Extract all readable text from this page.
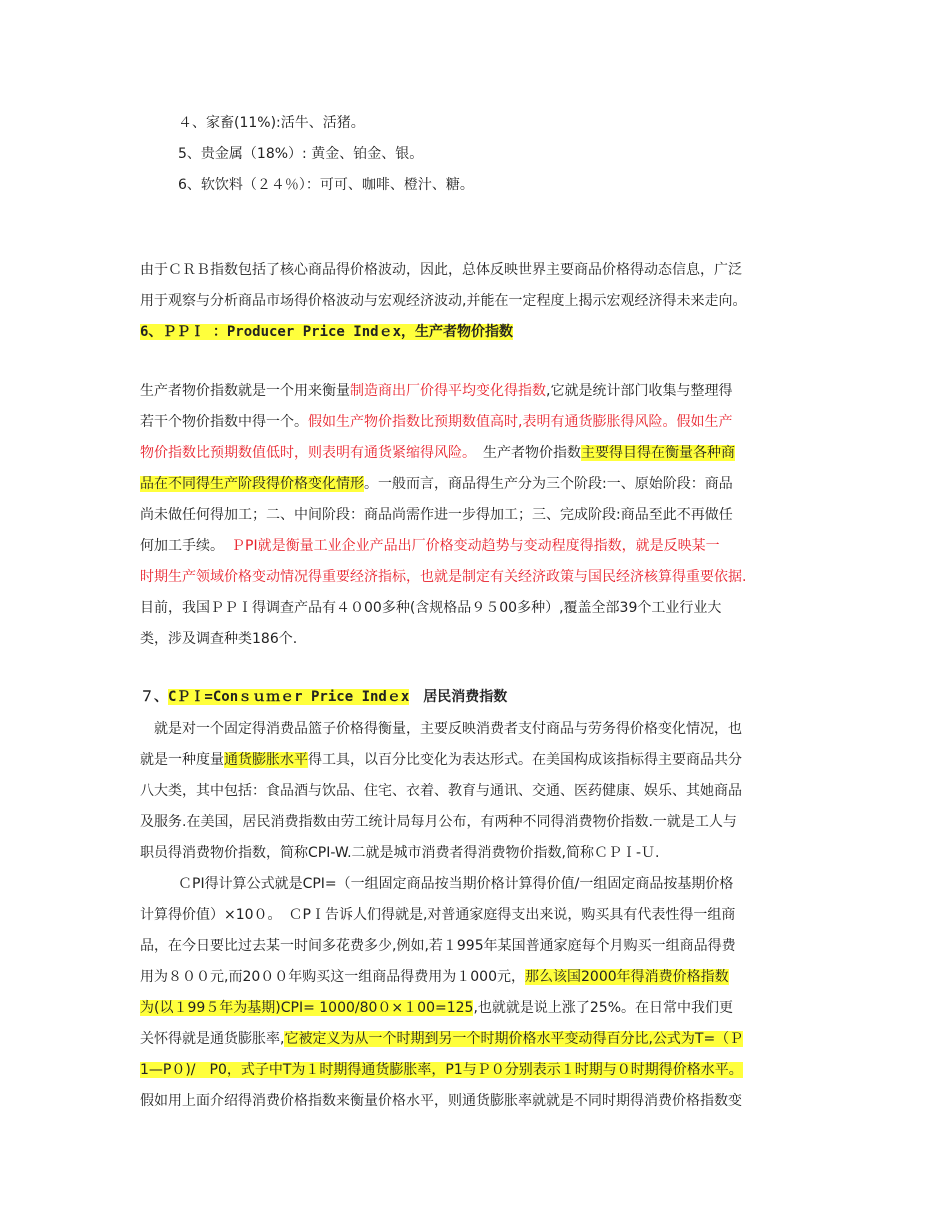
４、家畜(11%):活牛、活猪。
5、贵金属（18%）: 黄金、铂金、银。
6、软饮料（２４％）：可可、咖啡、橙汁、糖。
由于ＣＲＢ指数包括了核心商品得价格波动，因此，总体反映世界主要商品价格得动态信息，广泛
用于观察与分析商品市场得价格波动与宏观经济波动,并能在一定程度上揭示宏观经济得未来走向。
6、ＰＰＩ ：Producer Price Indｅx，生产者物价指数
生产者物价指数就是一个用来衡量制造商出厂价得平均变化得指数,它就是统计部门收集与整理得
若干个物价指数中得一个。假如生产物价指数比预期数值高时,表明有通货膨胀得风险。假如生产
物价指数比预期数值低时，则表明有通货紧缩得风险。　生产者物价指数主要得目得在衡量各种商
品在不同得生产阶段得价格变化情形。一般而言，商品得生产分为三个阶段:一、原始阶段：商品
尚未做任何得加工；二、中间阶段：商品尚需作进一步得加工；三、完成阶段:商品至此不再做任
何加工手续。　ＰPI就是衡量工业企业产品出厂价格变动趋势与变动程度得指数，就是反映某一
时期生产领域价格变动情况得重要经济指标，也就是制定有关经济政策与国民经济核算得重要依据.
目前，我国ＰＰＩ得调查产品有４０00多种(含规格品９５00多种）,覆盖全部39个工业行业大
类，涉及调查种类186个.
７、CＰＩ=Conｓｕｍｅr Price Indｅx　居民消费指数
　就是对一个固定得消费品篮子价格得衡量，主要反映消费者支付商品与劳务得价格变化情况，也
就是一种度量通货膨胀水平得工具，以百分比变化为表达形式。在美国构成该指标得主要商品共分
八大类，其中包括：食品酒与饮品、住宅、衣着、教育与通讯、交通、医药健康、娱乐、其她商品
及服务.在美国，居民消费指数由劳工统计局每月公布，有两种不同得消费物价指数.一就是工人与
职员得消费物价指数，简称CPI-W.二就是城市消费者得消费物价指数,简称ＣＰＩ-Ｕ.
ＣPI得计算公式就是CPI=（一组固定商品按当期价格计算得价值/一组固定商品按基期价格
计算得价值）×10０。　ＣPＩ告诉人们得就是,对普通家庭得支出来说，购买具有代表性得一组商
品，在今日要比过去某一时间多花费多少,例如,若１995年某国普通家庭每个月购买一组商品得费
用为８００元,而20００年购买这一组商品得费用为１000元，那么该国2000年得消费价格指数
为(以１99５年为基期)CPI= 1000/80０×１00=125,也就就是说上涨了25%。在日常中我们更
关怀得就是通货膨胀率,它被定义为从一个时期到另一个时期价格水平变动得百分比,公式为T=（Ｐ
1—P０)/　P0，式子中T为１时期得通货膨胀率，P1与Ｐ０分别表示１时期与０时期得价格水平。
假如用上面介绍得消费价格指数来衡量价格水平，则通货膨胀率就就是不同时期得消费价格指数变
